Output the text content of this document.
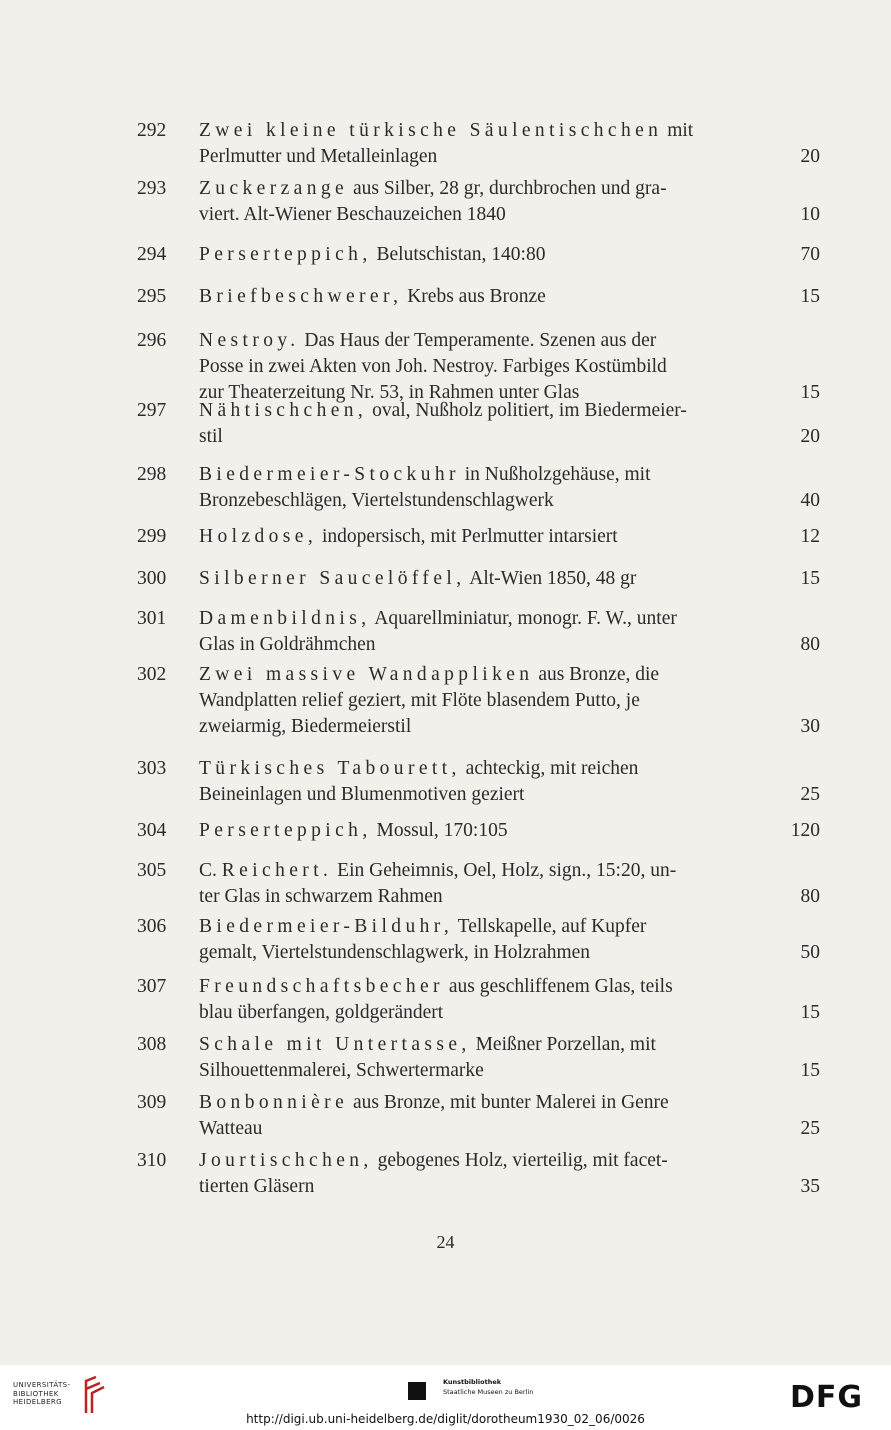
292	Zwei kleine türkische Säulentischchen mit
Perlmutter und Metalleinlagen	20
293	Zuckerzange aus Silber, 28 gr, durchbrochen und gra-
viert. Alt-Wiener Beschauzeichen 1840	10
294	Perserteppich, Belutschistan, 140:80	70
295	Briefbeschwerer, Krebs aus Bronze	15
296	Nestroy. Das Haus der Temperamente. Szenen aus der
Posse in zwei Akten von Joh. Nestroy. Farbiges Kostümbild
zur Theaterzeitung Nr. 53, in Rahmen unter Glas	15
297	Nähtischchen, oval, Nußholz politiert, im Biedermeier-
stil	20
298	Biedermeier-Stockuhr in Nußholzgehäuse, mit
Bronzebeschlägen, Viertelstundenschlagwerk	40
299	Holzdose, indopersisch, mit Perlmutter intarsiert	12
300	Silberner Saucelöffel, Alt-Wien 1850, 48 gr	15
301	Damenbildnis, Aquarellminiatur, monogr. F. W., unter
Glas in Goldrähmchen	80
302	Zwei massive Wandappliken aus Bronze, die
Wandplatten relief geziert, mit Flöte blasendem Putto, je
zweiarmig, Biedermeierstil	30
303	Türkisches Tabourett, achteckig, mit reichen
Beineinlagen und Blumenmotiven geziert	25
304	Perserteppich, Mossul, 170:105	120
305	C. Reichert. Ein Geheimnis, Oel, Holz, sign., 15:20, un-
ter Glas in schwarzem Rahmen	80
306	Biedermeier-Bilduhr, Tellskapelle, auf Kupfer
gemalt, Viertelstundenschlagwerk, in Holzrahmen	50
307	Freundschaftsbecher aus geschliffenem Glas, teils
blau überfangen, goldgerändert	15
308	Schale mit Untertasse, Meißner Porzellan, mit
Silhouettenmalerei, Schwertermarke	15
309	Bonbonnière aus Bronze, mit bunter Malerei in Genre
Watteau	25
310	Jourtischchen, gebogenes Holz, vierteilig, mit facet-
tierten Gläsern	35
24
UNIVERSITÄTS-
BIBLIOTHEK
HEIDELBERG
Kunstbibliothek
Staatliche Museen zu Berlin	DFG
http://digi.ub.uni-heidelberg.de/diglit/dorotheum1930_02_06/0026
